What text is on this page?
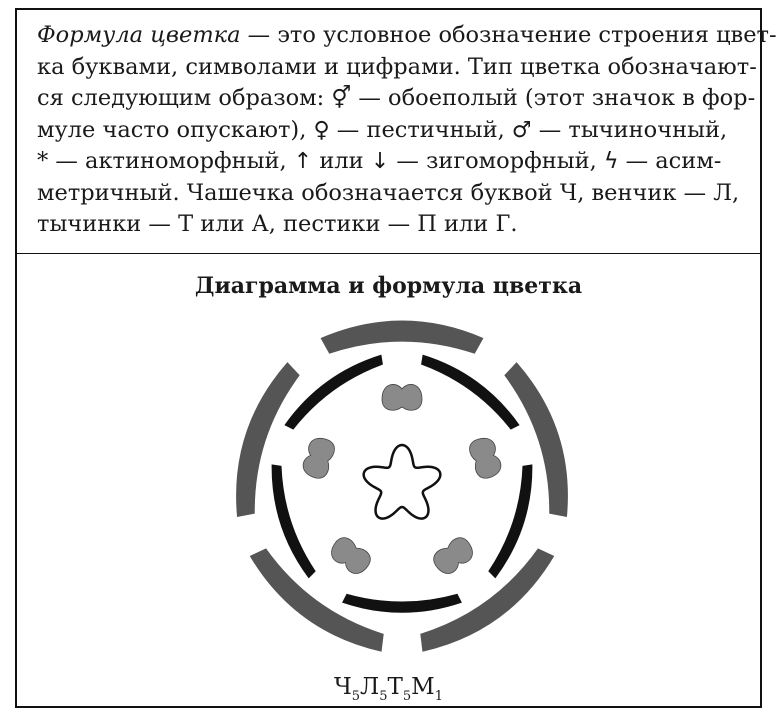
Формула цветка — это условное обозначение строения цвет-
ка буквами, символами и цифрами. Тип цветка обозначают-
ся следующим образом: ⚥ — обоеполый (этот значок в фор-
муле часто опускают), ♀ — пестичный, ♂ — тычиночный,
* — актиноморфный, ↑ или ↓ — зигоморфный, ϟ — асим-
метричный. Чашечка обозначается буквой Ч, венчик — Л,
тычинки — Т или А, пестики — П или Г.
Диаграмма и формула цветка
$Ч_5Л_5Т_5М_1$
